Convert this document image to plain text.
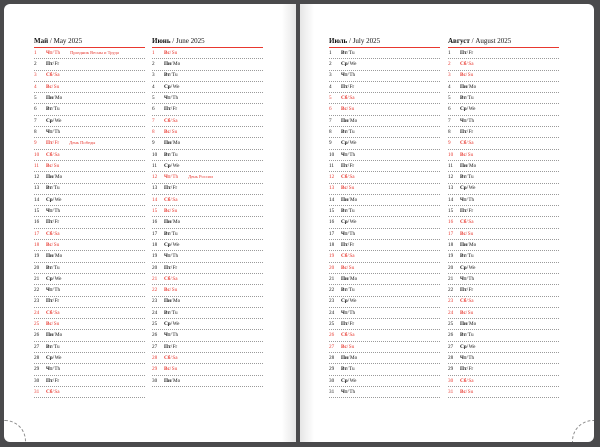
Май / May 2025
1	Чт / Th Праздник Весны и Труда
2	Пт / Fr
3	Сб / Sa
4	Вс / Su
5	Пн / Mo
6	Вт / Tu
7	Ср / We
8	Чт / Th
9	Пт / Fr День Победы
10	Сб / Sa
11	Вс / Su
12	Пн / Mo
13	Вт / Tu
14	Ср / We
15	Чт / Th
16	Пт / Fr
17	Сб / Sa
18	Вс / Su
19	Пн / Mo
20	Вт / Tu
21	Ср / We
22	Чт / Th
23	Пт / Fr
24	Сб / Sa
25	Вс / Su
26	Пн / Mo
27	Вт / Tu
28	Ср / We
29	Чт / Th
30	Пт / Fr
31	Сб / Sa
Июнь / June 2025
1	Вс / Su
2	Пн / Mo
3	Вт / Tu
4	Ср / We
5	Чт / Th
6	Пт / Fr
7	Сб / Sa
8	Вс / Su
9	Пн / Mo
10	Вт / Tu
11	Ср / We
12	Чт / Th День России
13	Пт / Fr
14	Сб / Sa
15	Вс / Su
16	Пн / Mo
17	Вт / Tu
18	Ср / We
19	Чт / Th
20	Пт / Fr
21	Сб / Sa
22	Вс / Su
23	Пн / Mo
24	Вт / Tu
25	Ср / We
26	Чт / Th
27	Пт / Fr
28	Сб / Sa
29	Вс / Su
30	Пн / Mo
Июль / July 2025
1	Вт / Tu
2	Ср / We
3	Чт / Th
4	Пт / Fr
5	Сб / Sa
6	Вс / Su
7	Пн / Mo
8	Вт / Tu
9	Ср / We
10	Чт / Th
11	Пт / Fr
12	Сб / Sa
13	Вс / Su
14	Пн / Mo
15	Вт / Tu
16	Ср / We
17	Чт / Th
18	Пт / Fr
19	Сб / Sa
20	Вс / Su
21	Пн / Mo
22	Вт / Tu
23	Ср / We
24	Чт / Th
25	Пт / Fr
26	Сб / Sa
27	Вс / Su
28	Пн / Mo
29	Вт / Tu
30	Ср / We
31	Чт / Th
Август / August 2025
1	Пт / Fr
2	Сб / Sa
3	Вс / Su
4	Пн / Mo
5	Вт / Tu
6	Ср / We
7	Чт / Th
8	Пт / Fr
9	Сб / Sa
10	Вс / Su
11	Пн / Mo
12	Вт / Tu
13	Ср / We
14	Чт / Th
15	Пт / Fr
16	Сб / Sa
17	Вс / Su
18	Пн / Mo
19	Вт / Tu
20	Ср / We
21	Чт / Th
22	Пт / Fr
23	Сб / Sa
24	Вс / Su
25	Пн / Mo
26	Вт / Tu
27	Ср / We
28	Чт / Th
29	Пт / Fr
30	Сб / Sa
31	Вс / Su
